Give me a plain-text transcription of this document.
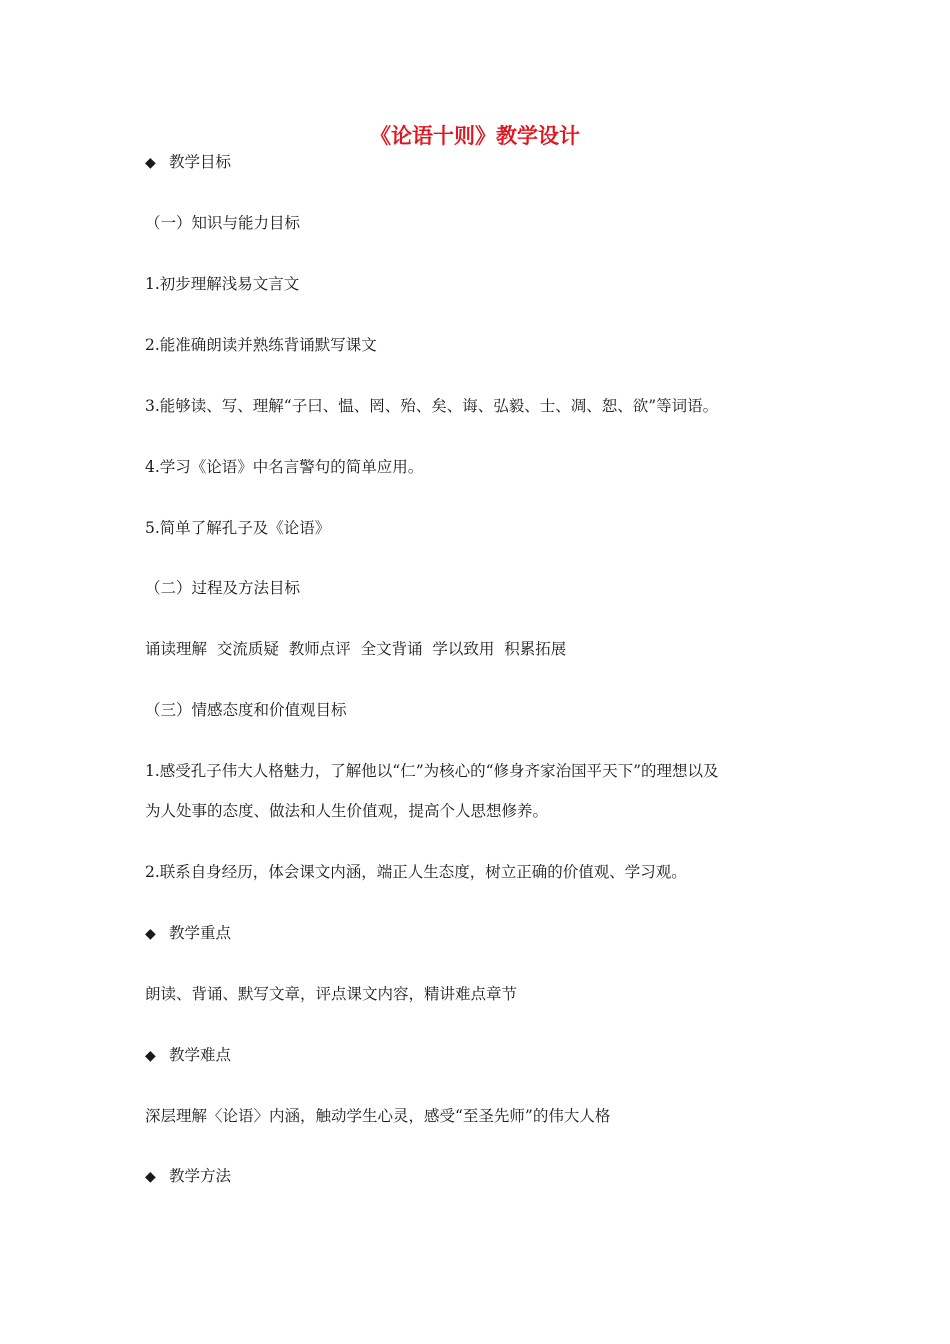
《论语十则》教学设计
◆ 教学目标
（一）知识与能力目标
1.初步理解浅易文言文
2.能准确朗读并熟练背诵默写课文
3.能够读、写、理解“子曰、愠、罔、殆、矣、诲、弘毅、士、凋、恕、欲”等词语。
4.学习《论语》中名言警句的简单应用。
5.简单了解孔子及《论语》
（二）过程及方法目标
诵读理解  交流质疑  教师点评  全文背诵  学以致用  积累拓展
（三）情感态度和价值观目标
1.感受孔子伟大人格魅力，了解他以“仁”为核心的“修身齐家治国平天下”的理想以及
为人处事的态度、做法和人生价值观，提高个人思想修养。
2.联系自身经历，体会课文内涵，端正人生态度，树立正确的价值观、学习观。
◆ 教学重点
朗读、背诵、默写文章，评点课文内容，精讲难点章节
◆ 教学难点
深层理解〈论语〉内涵，触动学生心灵，感受“至圣先师”的伟大人格
◆ 教学方法
